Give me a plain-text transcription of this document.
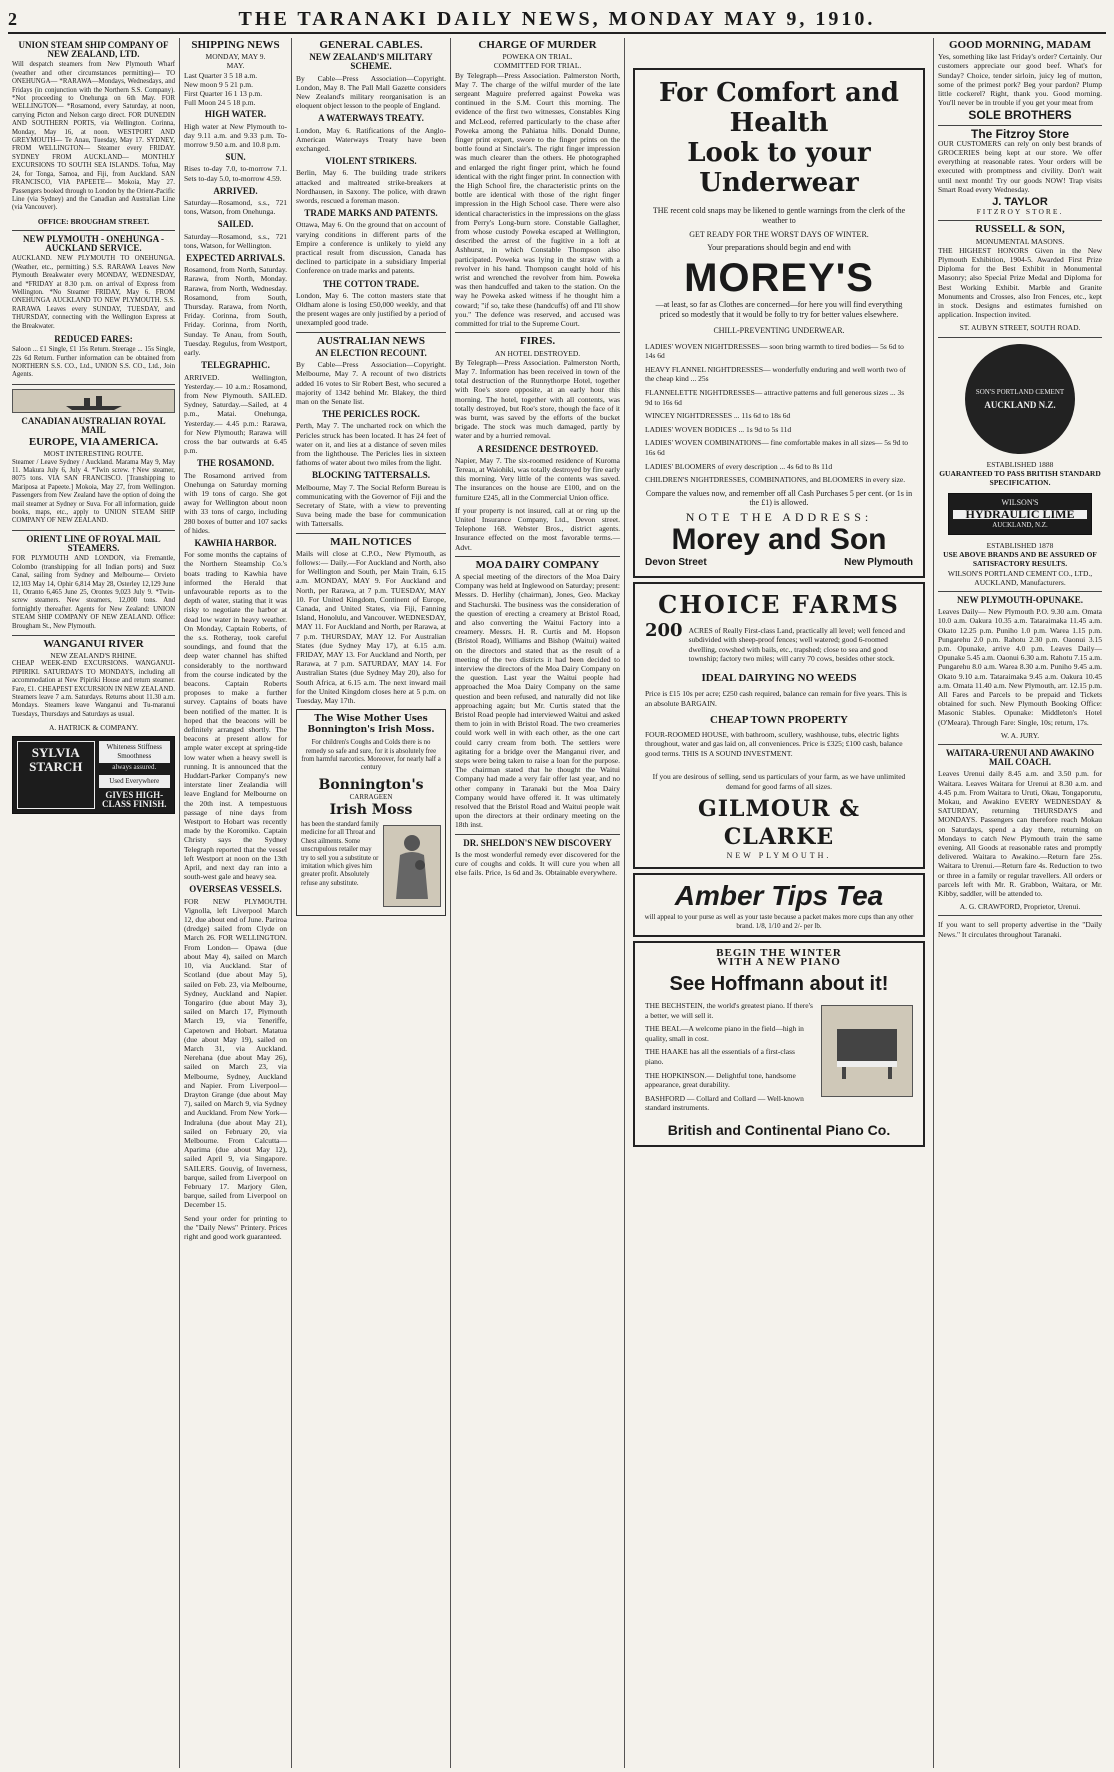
2	THE TARANAKI DAILY NEWS, MONDAY MAY 9, 1910.
UNION STEAM SHIP COMPANY OF NEW ZEALAND, LTD.

Will despatch steamers from New Plymouth Wharf (weather and other circumstances permitting)— TO ONEHUNGA— *RARAWA—Mondays, Wednesdays, and Fridays (in conjunction with the Northern S.S. Company). *Not proceeding to Onehunga on 6th May. FOR WELLINGTON— *Rosamond, every Saturday, at noon, carrying Picton and Nelson cargo direct. FOR DUNEDIN AND SOUTHERN PORTS, via Wellington. Corinna, Monday, May 16, at noon. WESTPORT AND GREYMOUTH— Te Anau, Tuesday, May 17. SYDNEY, FROM WELLINGTON— Steamer every FRIDAY. SYDNEY FROM AUCKLAND— MONTHLY EXCURSIONS TO SOUTH SEA ISLANDS. Tofua, May 24, for Tonga, Samoa, and Fiji, from Auckland. SAN FRANCISCO, VIA PAPEETE— Mokoia, May 27. Passengers booked through to London by the Orient-Pacific Line (via Sydney) and the Canadian and Australian Line (via Vancouver).

OFFICE: BROUGHAM STREET.
NEW PLYMOUTH - ONEHUNGA - AUCKLAND SERVICE.

AUCKLAND. NEW PLYMOUTH TO ONEHUNGA. (Weather, etc., permitting.) S.S. RARAWA Leaves New Plymouth Breakwater every MONDAY, WEDNESDAY, and *FRIDAY at 8.30 p.m. on arrival of Express from Wellington. *No Steamer FRIDAY, May 6. FROM ONEHUNGA AUCKLAND TO NEW PLYMOUTH. S.S. RARAWA Leaves every SUNDAY, TUESDAY, and THURSDAY, connecting with the Wellington Express at the Breakwater.

REDUCED FARES:

Saloon ... £1 Single, £1 15s Return. Steerage ... 15s Single, 22s 6d Return. Further information can be obtained from NORTHERN S.S. CO., Ltd., UNION S.S. CO., Ltd., Join Agents.

CANADIAN AUSTRALIAN ROYAL MAIL
EUROPE, VIA AMERICA.
MOST INTERESTING ROUTE.

Steamer / Leave Sydney / Auckland. Marama May 9, May 11. Makura July 6, July 4. *Twin screw. †New steamer, 8075 tons. VIA SAN FRANCISCO. [Transhipping to Mariposa at Papeete.] Mokoia, May 27, from Wellington. Passengers from New Zealand have the option of doing the mail steamer at Sydney or Suva. For all information, guide books, maps, etc., apply to UNION STEAM SHIP COMPANY OF NEW ZEALAND.

ORIENT LINE OF ROYAL MAIL STEAMERS.

FOR PLYMOUTH AND LONDON, via Fremantle, Colombo (transhipping for all Indian ports) and Suez Canal, sailing from Sydney and Melbourne— Orvieto 12,103 May 14, Ophir 6,814 May 28, Osterley 12,129 June 11, Otranto 6,465 June 25, Orontes 9,023 July 9. *Twin-screw steamers. New steamers, 12,000 tons. And fortnightly thereafter. Agents for New Zealand: UNION STEAM SHIP COMPANY OF NEW ZEALAND. Office: Brougham St., New Plymouth.

WANGANUI RIVER
NEW ZEALAND'S RHINE.

CHEAP WEEK-END EXCURSIONS. WANGANUI-PIPIRIKI. SATURDAYS TO MONDAYS, including all accommodation at New Pipiriki House and return steamer. Fare, £1. CHEAPEST EXCURSION IN NEW ZEALAND. Steamers leave 7 a.m. Saturdays. Returns about 11.30 a.m. Mondays. Steamers leave Wanganui and Tu-maranui Tuesdays, Thursdays and Saturdays as usual.

A. HATRICK & COMPANY.
SYLVIA STARCH
Whiteness Stiffness Smoothness
always assured.
Used Everywhere
GIVES HIGH-CLASS FINISH.
SHIPPING NEWS
MONDAY, MAY 9.
MAY.
Last Quarter 3 5 18 a.m.
New moon 9 5 21 p.m.
First Quarter 16 1 13 p.m.
Full Moon 24 5 18 p.m.
HIGH WATER.

High water at New Plymouth to-day 9.11 a.m. and 9.33 p.m. To-morrow 9.50 a.m. and 10.8 p.m.

SUN.

Rises to-day 7.0, to-morrow 7.1. Sets to-day 5.0, to-morrow 4.59.

ARRIVED.

Saturday—Rosamond, s.s., 721 tons, Watson, from Onehunga.

SAILED.

Saturday—Rosamond, s.s., 721 tons, Watson, for Wellington.

EXPECTED ARRIVALS.

Rosamond, from North, Saturday. Rarawa, from North, Monday. Rarawa, from North, Wednesday. Rosamond, from South, Thursday. Rarawa, from North, Friday. Corinna, from South, Friday. Corinna, from North, Sunday. Te Anau, from South, Tuesday. Regulus, from Westport, early.

TELEGRAPHIC.

ARRIVED. Wellington, Yesterday.— 10 a.m.: Rosamond, from New Plymouth. SAILED. Sydney, Saturday.—Sailed, at 4 p.m., Matai. Onehunga, Yesterday.— 4.45 p.m.: Rarawa, for New Plymouth; Rarawa will cross the bar outwards at 6.45 p.m.

THE ROSAMOND.

The Rosamond arrived from Onehunga on Saturday morning with 19 tons of cargo. She got away for Wellington about noon with 33 tons of cargo, including 280 boxes of butter and 107 sacks of hides.

KAWHIA HARBOR.

For some months the captains of the Northern Steamship Co.'s boats trading to Kawhia have informed the Herald that unfavourable reports as to the depth of water, stating that it was risky to negotiate the harbor at dead low water in heavy weather. On Monday, Captain Roberts, of the s.s. Rotheray, took careful soundings, and found that the deep water channel has shifted considerably to the northward from the course indicated by the beacons. Captain Roberts proposes to make a further survey. Captains of boats have been notified of the matter. It is hoped that the beacons will be definitely arranged shortly. The beacons at present allow for ample water except at spring-tide low water when a heavy swell is running. It is announced that the Huddart-Parker Company's new interstate liner Zealandia will leave England for Melbourne on the 20th inst. A tempestuous passage of nine days from Westport to Hobart was recently made by the Koromiko. Captain Christy says the Sydney Telegraph reported that the vessel left Westport at noon on the 13th April, and next day ran into a south-west gale and heavy sea.

OVERSEAS VESSELS.

FOR NEW PLYMOUTH. Vignolla, left Liverpool March 12, due about end of June. Pariroa (dredge) sailed from Clyde on March 26. FOR WELLINGTON. From London— Opawa (due about May 4), sailed on March 10, via Auckland. Star of Scotland (due about May 5), sailed on Feb. 23, via Melbourne, Sydney, Auckland and Napier. Tongariro (due about May 3), sailed on March 17, Plymouth March 19, via Teneriffe, Capetown and Hobart. Matatua (due about May 19), sailed on March 31, via Auckland. Nerehana (due about May 26), sailed on March 23, via Melbourne, Sydney, Auckland and Napier. From Liverpool— Drayton Grange (due about May 7), sailed on March 9, via Sydney and Auckland. From New York— Indraluna (due about May 21), sailed on February 20, via Melbourne. From Calcutta— Aparima (due about May 12), sailed April 9, via Singapore. SAILERS. Gouvig, of Inverness, barque, sailed from Liverpool on February 17. Marjory Glen, barque, sailed from Liverpool on December 15.

Send your order for printing to the "Daily News" Printery. Prices right and good work guaranteed.

GENERAL CABLES.
NEW ZEALAND'S MILITARY SCHEME.

By Cable—Press Association—Copyright. London, May 8. The Pall Mall Gazette considers New Zealand's military reorganisation is an eloquent object lesson to the people of England.

A WATERWAYS TREATY.

London, May 6. Ratifications of the Anglo-American Waterways Treaty have been exchanged.

VIOLENT STRIKERS.

Berlin, May 6. The building trade strikers attacked and maltreated strike-breakers at Nordhausen, in Saxony. The police, with drawn swords, rescued a foreman mason.

TRADE MARKS AND PATENTS.

Ottawa, May 6. On the ground that on account of varying conditions in different parts of the Empire a conference is unlikely to yield any practical result from discussion, Canada has declined to participate in a subsidiary Imperial Conference on trade marks and patents.

THE COTTON TRADE.

London, May 6. The cotton masters state that Oldham alone is losing £50,000 weekly, and that the present wages are only justified by a period of unexampled good trade.

AUSTRALIAN NEWS
AN ELECTION RECOUNT.

By Cable—Press Association—Copyright. Melbourne, May 7. A recount of two districts added 16 votes to Sir Robert Best, who secured a majority of 1342 behind Mr. Blakey, the third man on the Senate list.

THE PERICLES ROCK.

Perth, May 7. The uncharted rock on which the Pericles struck has been located. It has 24 feet of water on it, and lies at a distance of seven miles from the lighthouse. The Pericles lies in sixteen fathoms of water about two miles from the light.

BLOCKING TATTERSALLS.

Melbourne, May 7. The Social Reform Bureau is communicating with the Governor of Fiji and the Secretary of State, with a view to preventing Suva being made the base for communication with Tattersalls.

MAIL NOTICES

Mails will close at C.P.O., New Plymouth, as follows:— Daily.—For Auckland and North, also for Wellington and South, per Main Train, 6.15 a.m. MONDAY, MAY 9. For Auckland and North, per Rarawa, at 7 p.m. TUESDAY, MAY 10. For United Kingdom, Continent of Europe, Canada, and United States, via Fiji, Fanning Island, Honolulu, and Vancouver. WEDNESDAY, MAY 11. For Auckland and North, per Rarawa, at 7 p.m. THURSDAY, MAY 12. For Australian States (due Sydney May 17), at 6.15 a.m. FRIDAY, MAY 13. For Auckland and North, per Rarawa, at 7 p.m. SATURDAY, MAY 14. For Australian States (due Sydney May 20), also for South Africa, at 6.15 a.m. The next inward mail for the United Kingdom closes here at 5 p.m. on Tuesday, May 17th.

The Wise Mother Uses Bonnington's Irish Moss.

For children's Coughs and Colds there is no remedy so safe and sure, for it is absolutely free from harmful narcotics. Moreover, for nearly half a century

Bonnington's
CARRAGEEN
Irish Moss

has been the standard family medicine for all Throat and Chest ailments. Some unscrupulous retailer may try to sell you a substitute or imitation which gives him greater profit. Absolutely refuse any substitute.

CHARGE OF MURDER
POWEKA ON TRIAL.
COMMITTED FOR TRIAL.

By Telegraph—Press Association. Palmerston North, May 7. The charge of the wilful murder of the late sergeant Maguire preferred against Poweka was continued in the S.M. Court this morning. The evidence of the first two witnesses, Constables King and McLeod, referred particularly to the chase after Poweka among the Pahiatua hills. Donald Dunne, finger print expert, swore to the finger prints on the bottle found at Sinclair's. The right finger impression was much clearer than the others. He photographed and enlarged the right finger print, which he found identical with the right finger print. In connection with the High School fire, the characteristic prints on the bottle are identical with those of the right finger impression in the High School case. There were also identical characteristics in the impressions on the glass from Perry's Long-burn store. Constable Gallagher, from whose custody Poweka escaped at Wellington, described the arrest of the fugitive in a loft at Ashhurst, in which Constable Thompson also participated. Poweka was lying in the straw with a revolver in his hand. Thompson caught hold of his wrist and wrenched the revolver from him. Poweka was then handcuffed and taken to the station. On the way he Poweka asked witness if he thought him a coward; "if so, take these (handcuffs) off and I'll show you." The defence was reserved, and accused was committed for trial to the Supreme Court.

FIRES.
AN HOTEL DESTROYED.

By Telegraph—Press Association. Palmerston North, May 7. Information has been received in town of the total destruction of the Runnythorpe Hotel, together with Roe's store opposite, at an early hour this morning. The hotel, together with all contents, was totally destroyed, but Roe's store, though the face of it was burnt, was saved by the efforts of the bucket brigade. The stock was much damaged, partly by water and by a hurried removal.

A RESIDENCE DESTROYED.

Napier, May 7. The six-roomed residence of Kuroma Tereau, at Waiohiki, was totally destroyed by fire early this morning. Very little of the contents was saved. The insurances on the house are £100, and on the furniture £245, all in the Commercial Union office.

If your property is not insured, call at or ring up the United Insurance Company, Ltd., Devon street. Telephone 168. Webster Bros., district agents. Insurance effected on the most favorable terms.—Advt.

MOA DAIRY COMPANY

A special meeting of the directors of the Moa Dairy Company was held at Inglewood on Saturday; present: Messrs. D. Herlihy (chairman), Jones, Geo. Mackay and Stachurski. The business was the consideration of the question of erecting a creamery at Bristol Road, and also converting the Waitui Factory into a creamery. Messrs. H. R. Curtis and M. Hopson (Bristol Road), Williams and Bishop (Waitui) waited on the directors and stated that as the result of a meeting of the two districts it had been decided to interview the directors of the Moa Dairy Company on the question. Last year the Waitui people had approached the Moa Dairy Company on the same question and been refused, and naturally did not like approaching again; but Mr. Curtis stated that the Bristol Road people had interviewed Waitui and asked them to join in with Bristol Road. The two creameries could work well in with each other, as the one cart could carry cream from both. The settlers were agitating for a bridge over the Manganui river, and steps were being taken to raise a loan for the purpose. The chairman stated that he thought the Waitui Company had made a very fair offer last year, and no other company in Taranaki but the Moa Dairy Company would have offered it. It was ultimately resolved that the Bristol Road and Waitui people wait upon the directors at their ordinary meeting on the 18th inst.

DR. SHELDON'S NEW DISCOVERY

Is the most wonderful remedy ever discovered for the cure of coughs and colds. It will cure you when all else fails. Price, 1s 6d and 3s. Obtainable everywhere.

For Comfort and Health
Look to your Underwear

THE recent cold snaps may be likened to gentle warnings from the clerk of the weather to

GET READY FOR THE WORST DAYS OF WINTER.

Your preparations should begin and end with

MOREY'S

—at least, so far as Clothes are concerned—for here you will find everything priced so modestly that it would be folly to try for better values elsewhere.

CHILL-PREVENTING UNDERWEAR.

LADIES' WOVEN NIGHTDRESSES— soon bring warmth to tired bodies— 5s 6d to 14s 6d

HEAVY FLANNEL NIGHTDRESSES— wonderfully enduring and well worth two of the cheap kind ... 25s

FLANNELETTE NIGHTDRESSES— attractive patterns and full generous sizes ... 3s 9d to 16s 6d

WINCEY NIGHTDRESSES ... 11s 6d to 18s 6d

LADIES' WOVEN BODICES ... 1s 9d to 5s 11d

LADIES' WOVEN COMBINATIONS— fine comfortable makes in all sizes— 5s 9d to 16s 6d

LADIES' BLOOMERS of every description ... 4s 6d to 8s 11d

CHILDREN'S NIGHTDRESSES, COMBINATIONS, and BLOOMERS in every size.

Compare the values now, and remember off all Cash Purchases 5 per cent. (or 1s in the £1) is allowed.

NOTE THE ADDRESS:
Morey and Son
Devon Street	New Plymouth
CHOICE FARMS
200 ACRES of Really First-class Land, practically all level; well fenced and subdivided with sheep-proof fences; well watered; good 6-roomed dwelling, cowshed with bails, etc., trapshed; close to sea and good township; factory two miles; will carry 70 cows, besides other stock.

IDEAL DAIRYING NO WEEDS

Price is £15 10s per acre; £250 cash required, balance can remain for five years. This is an absolute BARGAIN.

CHEAP TOWN PROPERTY

FOUR-ROOMED HOUSE, with bathroom, scullery, washhouse, tubs, electric lights throughout, water and gas laid on, all conveniences. Price is £325; £100 cash, balance good terms. THIS IS A SOUND INVESTMENT.

If you are desirous of selling, send us particulars of your farm, as we have unlimited demand for good farms of all sizes.

GILMOUR & CLARKE
NEW PLYMOUTH.
Amber Tips Tea

will appeal to your purse as well as your taste because a packet makes more cups than any other brand. 1/8, 1/10 and 2/- per lb.

BEGIN THE WINTER
WITH A NEW PIANO
See Hoffmann about it!

THE BECHSTEIN, the world's greatest piano. If there's a better, we will sell it.

THE BEAL—A welcome piano in the field—high in quality, small in cost.

THE HAAKE has all the essentials of a first-class piano.

THE HOPKINSON.— Delightful tone, handsome appearance, great durability.

BASHFORD — Collard and Collard — Well-known standard instruments.

British and Continental Piano Co.
GOOD MORNING, MADAM

Yes, something like last Friday's order? Certainly. Our customers appreciate our good beef. What's for Sunday? Choice, tender sirloin, juicy leg of mutton, some of the primest pork? Beg your pardon? Plump little cockerel? Right, thank you. Good morning. You'll never be in trouble if you get your meat from

SOLE BROTHERS
The Fitzroy Store

OUR CUSTOMERS can rely on only best brands of GROCERIES being kept at our store. We offer everything at reasonable rates. Your orders will be executed with promptness and civility. Don't wait until next month! Try our goods NOW! Trap visits Smart Road every Wednesday.

J. TAYLOR
FITZROY STORE.
RUSSELL & SON,
MONUMENTAL MASONS.

THE HIGHEST HONORS Given in the New Plymouth Exhibition, 1904-5. Awarded First Prize Diploma for the Best Exhibit in Monumental Masonry; also Special Prize Medal and Diploma for Best Working Exhibit. Marble and Granite Monuments and Crosses, also Iron Fences, etc., kept in stock. Designs and estimates furnished on application. Inspection invited.

ST. AUBYN STREET, SOUTH ROAD.
SON'S PORTLAND CEMENT
AUCKLAND N.Z.
ESTABLISHED 1888
GUARANTEED TO PASS BRITISH STANDARD SPECIFICATION.
WILSON'S
HYDRAULIC LIME
AUCKLAND, N.Z.
ESTABLISHED 1878
USE ABOVE BRANDS AND BE ASSURED OF SATISFACTORY RESULTS.
WILSON'S PORTLAND CEMENT CO., LTD., AUCKLAND, Manufacturers.
NEW PLYMOUTH-OPUNAKE.

Leaves Daily— New Plymouth P.O. 9.30 a.m. Omata 10.0 a.m. Oakura 10.35 a.m. Tataraimaka 11.45 a.m. Okato 12.25 p.m. Puniho 1.0 p.m. Warea 1.15 p.m. Pungarehu 2.0 p.m. Rahotu 2.30 p.m. Oaonui 3.15 p.m. Opunake, arrive 4.0 p.m. Leaves Daily— Opunake 5.45 a.m. Oaonui 6.30 a.m. Rahotu 7.15 a.m. Pungarehu 8.0 a.m. Warea 8.30 a.m. Puniho 9.45 a.m. Okato 9.10 a.m. Tataraimaka 9.45 a.m. Oakura 10.45 a.m. Omata 11.40 a.m. New Plymouth, arr. 12.15 p.m. All Fares and Parcels to be prepaid and Tickets obtained for such. New Plymouth Booking Office: Masonic Stables. Opunake: Middleton's Hotel (O'Meara). Through Fare: Single, 10s; return, 17s.

W. A. JURY.
WAITARA-URENUI AND AWAKINO MAIL COACH.

Leaves Urenui daily 8.45 a.m. and 3.50 p.m. for Waitara. Leaves Waitara for Urenui at 8.30 a.m. and 4.45 p.m. From Waitara to Uruti, Okau, Tongaporutu, Mokau, and Awakino EVERY WEDNESDAY & SATURDAY, returning THURSDAYS and MONDAYS. Passengers can therefore reach Mokau on Saturdays, spend a day there, returning on Mondays to catch New Plymouth train the same evening. All Goods at reasonable rates and promptly delivered. Waitara to Awakino.—Return fare 25s. Waitara to Urenui.—Return fare 4s. Reduction to two or three in a family or regular travellers. All orders or parcels left with Mr. R. Grabbon, Waitara, or Mr. Kibby, saddler, will be attended to.

A. G. CRAWFORD, Proprietor, Urenui.

If you want to sell property advertise in the "Daily News." It circulates throughout Taranaki.
